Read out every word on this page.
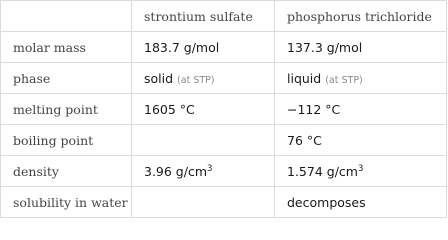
	strontium sulfate	phosphorus trichloride
molar mass	183.7 g/mol	137.3 g/mol
phase	solid (at STP)	liquid (at STP)
melting point	1605 °C	−112 °C
boiling point		76 °C
density	3.96 $g/cm^3$	1.574 $g/cm^3$
solubility in water		decomposes
